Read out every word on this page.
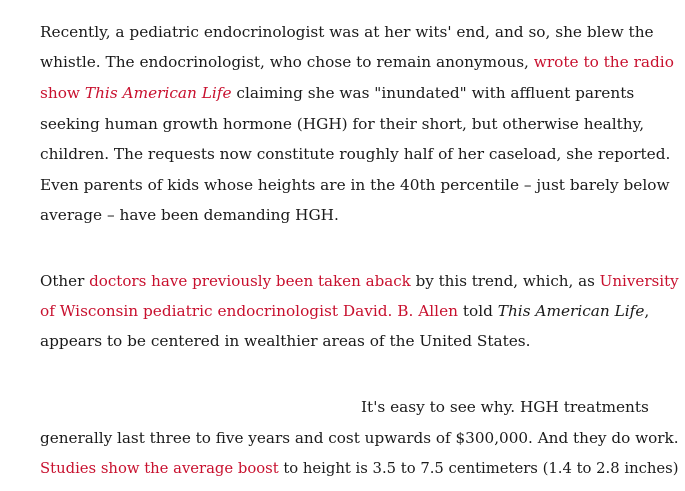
Recently, a pediatric endocrinologist was at her wits' end, and so, she blew the
whistle. The endocrinologist, who chose to remain anonymous, wrote to the radio
show This American Life claiming she was "inundated" with affluent parents
seeking human growth hormone (HGH) for their short, but otherwise healthy,
children. The requests now constitute roughly half of her caseload, she reported.
Even parents of kids whose heights are in the 40th percentile – just barely below
average – have been demanding HGH.
Other doctors have previously been taken aback by this trend, which, as University
of Wisconsin pediatric endocrinologist David. B. Allen told This American Life,
appears to be centered in wealthier areas of the United States.
It's easy to see why. HGH treatments
generally last three to five years and cost upwards of $300,000. And they do work.
Studies show the average boost to height is 3.5 to 7.5 centimeters (1.4 to 2.8 inches)
